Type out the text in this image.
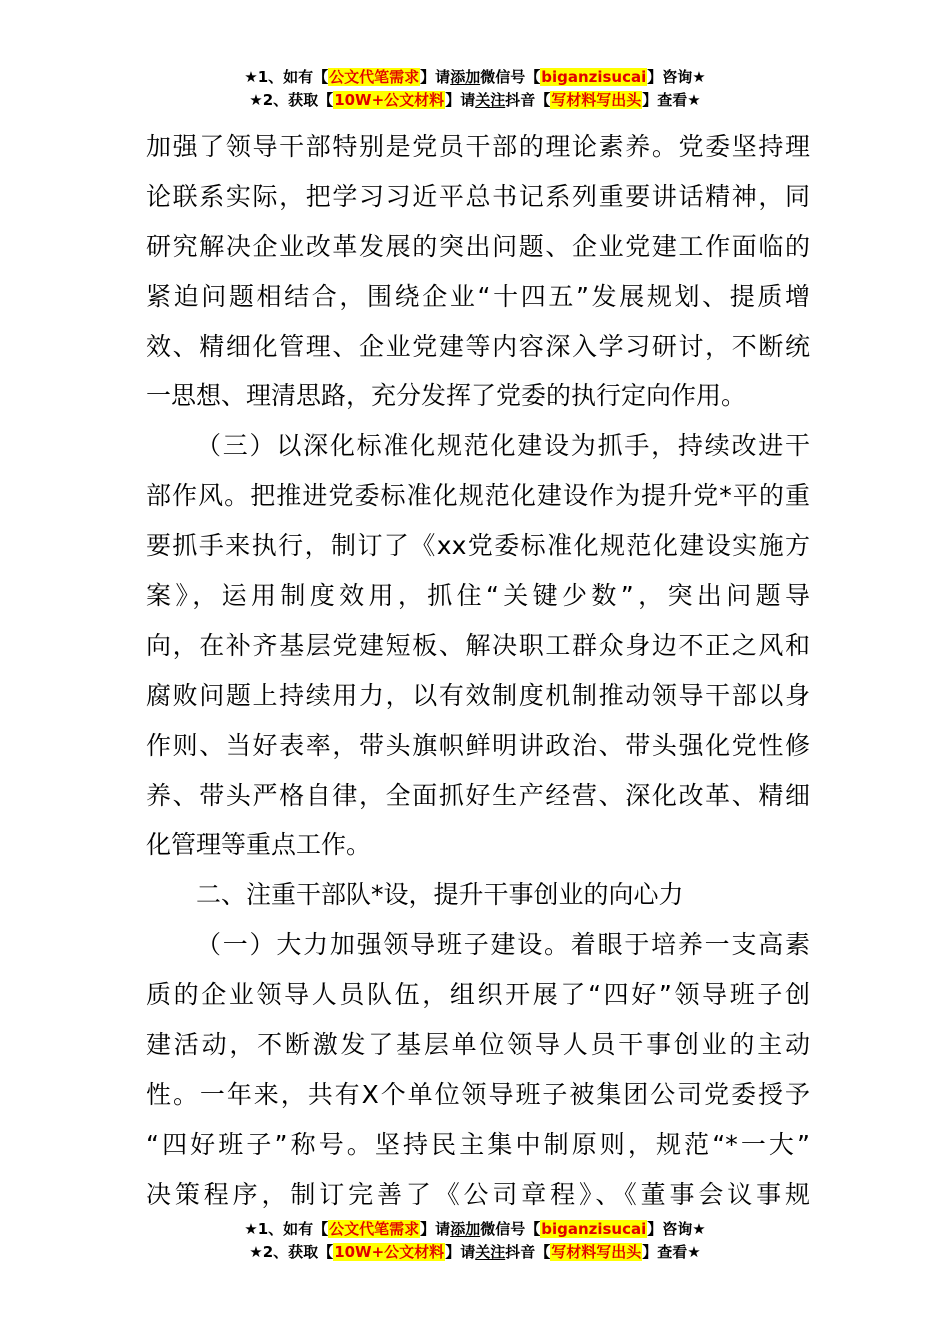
★1、如有【公文代笔需求】请添加微信号【biganzisucai】咨询★
★2、获取【10W+公文材料】请关注抖音【写材料写出头】查看★
加强了领导干部特别是党员干部的理论素养。党委坚持理
论联系实际，把学习习近平总书记系列重要讲话精神，同
研究解决企业改革发展的突出问题、企业党建工作面临的
紧迫问题相结合，围绕企业“十四五”发展规划、提质增
效、精细化管理、企业党建等内容深入学习研讨，不断统
一思想、理清思路，充分发挥了党委的执行定向作用。
（三）以深化标准化规范化建设为抓手，持续改进干
部作风。把推进党委标准化规范化建设作为提升党*平的重
要抓手来执行，制订了《xx党委标准化规范化建设实施方
案》，运用制度效用，抓住“关键少数”，突出问题导
向，在补齐基层党建短板、解决职工群众身边不正之风和
腐败问题上持续用力，以有效制度机制推动领导干部以身
作则、当好表率，带头旗帜鲜明讲政治、带头强化党性修
养、带头严格自律，全面抓好生产经营、深化改革、精细
化管理等重点工作。
二、注重干部队*设，提升干事创业的向心力
（一）大力加强领导班子建设。着眼于培养一支高素
质的企业领导人员队伍，组织开展了“四好”领导班子创
建活动，不断激发了基层单位领导人员干事创业的主动
性。一年来，共有X个单位领导班子被集团公司党委授予
“四好班子”称号。坚持民主集中制原则，规范“*一大”
决策程序，制订完善了《公司章程》、《董事会议事规
★1、如有【公文代笔需求】请添加微信号【biganzisucai】咨询★
★2、获取【10W+公文材料】请关注抖音【写材料写出头】查看★
